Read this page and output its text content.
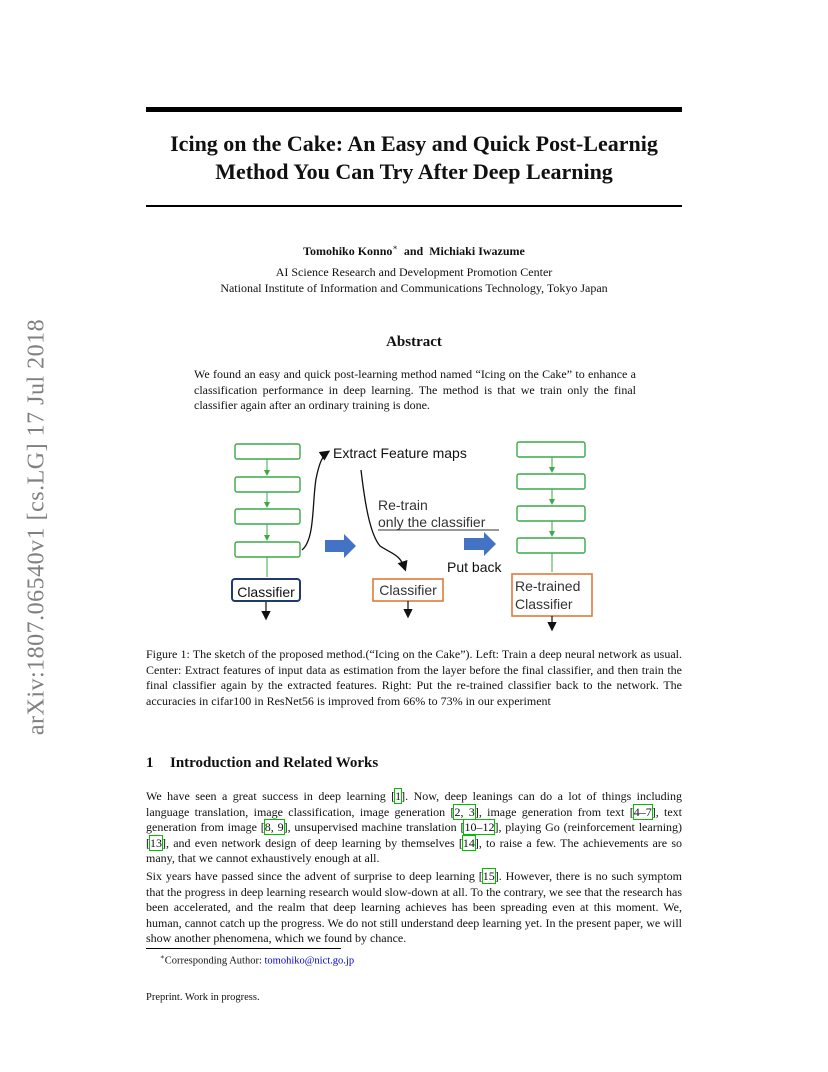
arXiv:1807.06540v1 [cs.LG] 17 Jul 2018
Icing on the Cake: An Easy and Quick Post-Learnig
Method You Can Try After Deep Learning
Tomohiko Konno∗ and Michiaki Iwazume
AI Science Research and Development Promotion Center
National Institute of Information and Communications Technology, Tokyo Japan
Abstract
We found an easy and quick post-learning method named “Icing on the Cake” to enhance a classification performance in deep learning. The method is that we train only the final classifier again after an ordinary training is done.
Classifier
Extract Feature maps
Re-train
only the classifier
Classifier
Put back
Re-trained
Classifier
Figure 1: The sketch of the proposed method.(“Icing on the Cake”). Left: Train a deep neural network as usual. Center: Extract features of input data as estimation from the layer before the final classifier, and then train the final classifier again by the extracted features. Right: Put the re-trained classifier back to the network. The accuracies in cifar100 in ResNet56 is improved from 66% to 73% in our experiment
1 Introduction and Related Works
We have seen a great success in deep learning [1]. Now, deep leanings can do a lot of things including language translation, image classification, image generation [2, 3], image generation from text [4–7], text generation from image [8, 9], unsupervised machine translation [10–12], playing Go (reinforcement learning) [13], and even network design of deep learning by themselves [14], to raise a few. The achievements are so many, that we cannot exhaustively enough at all.
Six years have passed since the advent of surprise to deep learning [15]. However, there is no such symptom that the progress in deep learning research would slow-down at all. To the contrary, we see that the research has been accelerated, and the realm that deep learning achieves has been spreading even at this moment. We, human, cannot catch up the progress. We do not still understand deep learning yet. In the present paper, we will show another phenomena, which we found by chance.
∗Corresponding Author: tomohiko@nict.go.jp
Preprint. Work in progress.
